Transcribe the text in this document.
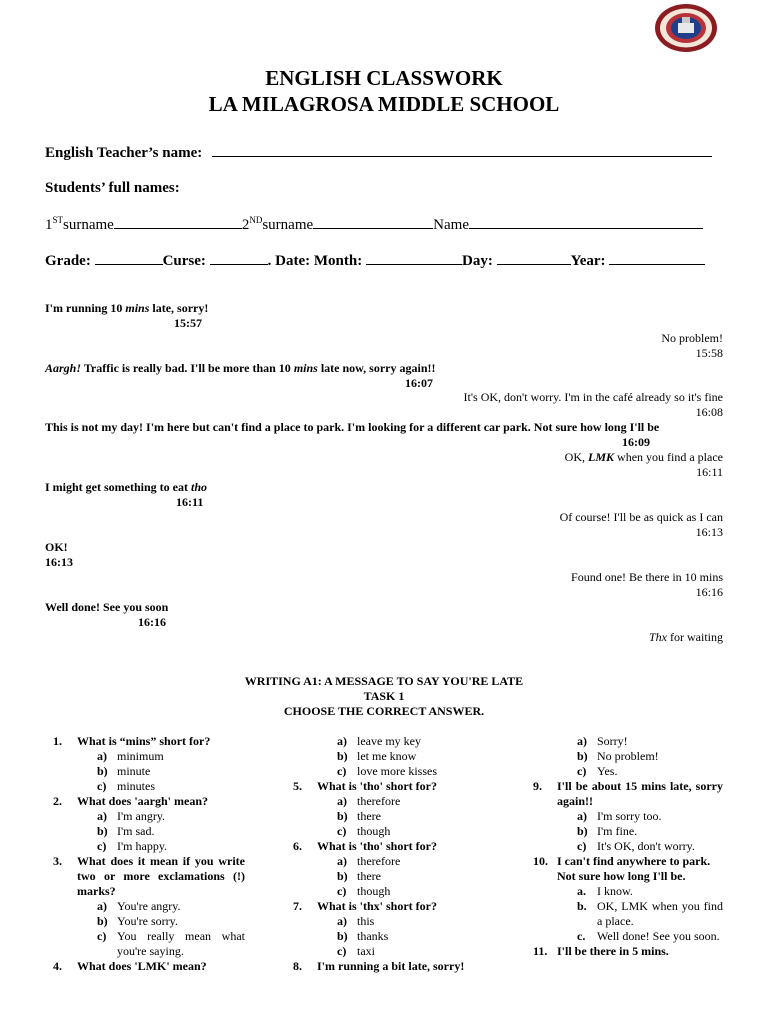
ENGLISH CLASSWORK
LA MILAGROSA MIDDLE SCHOOL
English Teacher’s name:
Students’ full names:
1STsurname	2NDsurname	Name
Grade:	Curse:	. Date: Month:	Day:	Year:
I'm running 10 mins late, sorry!
15:57
No problem!
15:58
Aargh! Traffic is really bad. I'll be more than 10 mins late now, sorry again!!
16:07
It's OK, don't worry. I'm in the café already so it's fine
16:08
This is not my day! I'm here but can't find a place to park. I'm looking for a different car park. Not sure how long I'll be
16:09
OK, LMK when you find a place
16:11
I might get something to eat tho
16:11
Of course! I'll be as quick as I can
16:13
OK!
16:13
Found one! Be there in 10 mins
16:16
Well done! See you soon
16:16
Thx for waiting
WRITING A1: A MESSAGE TO SAY YOU'RE LATE
TASK 1
CHOOSE THE CORRECT ANSWER.
1. What is “mins” short for?
a) minimum
b) minute
c) minutes
2. What does 'aargh' mean?
a) I'm angry.
b) I'm sad.
c) I'm happy.
3. What does it mean if you write two or more exclamations (!) marks?
a) You're angry.
b) You're sorry.
c) You really mean what you're saying.
4. What does 'LMK' mean?
a) leave my key
b) let me know
c) love more kisses
5. What is 'tho' short for?
a) therefore
b) there
c) though
6. What is 'tho' short for?
a) therefore
b) there
c) though
7. What is 'thx' short for?
a) this
b) thanks
c) taxi
8. I'm running a bit late, sorry!
a) Sorry!
b) No problem!
c) Yes.
9. I'll be about 15 mins late, sorry again!!
a) I'm sorry too.
b) I'm fine.
c) It's OK, don't worry.
10. I can't find anywhere to park. Not sure how long I'll be.
a. I know.
b. OK, LMK when you find a place.
c. Well done! See you soon.
11. I'll be there in 5 mins.
